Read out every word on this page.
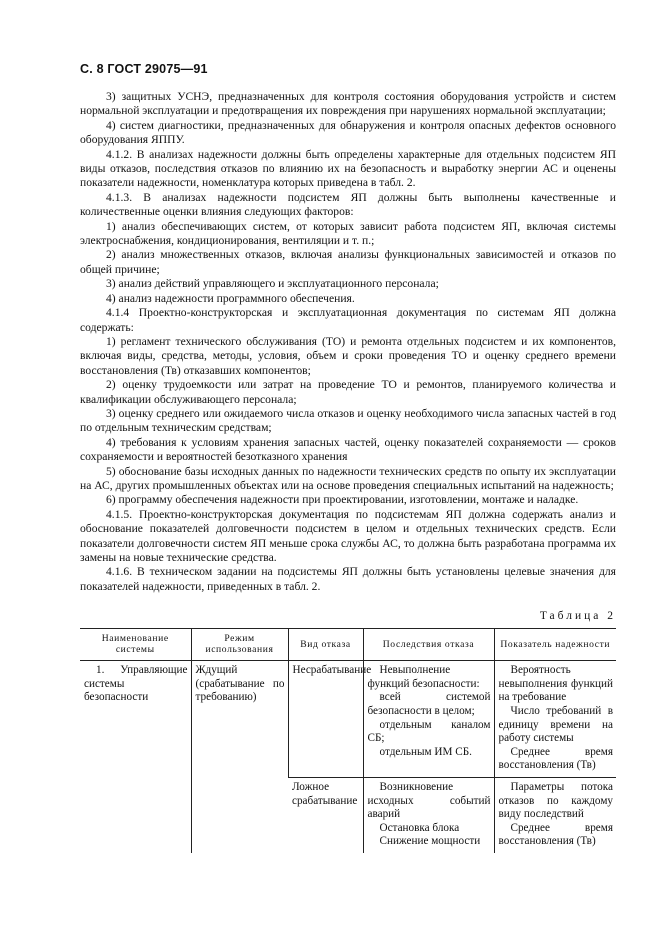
С. 8 ГОСТ 29075—91

3) защитных УСНЭ, предназначенных для контроля состояния оборудования устройств и систем нормальной эксплуатации и предотвращения их повреждения при нарушениях нормальной эксплуатации;

4) систем диагностики, предназначенных для обнаружения и контроля опасных дефектов основного оборудования ЯППУ.

4.1.2. В анализах надежности должны быть определены характерные для отдельных подсистем ЯП виды отказов, последствия отказов по влиянию их на безопасность и выработку энергии АС и оценены показатели надежности, номенклатура которых приведена в табл. 2.

4.1.3. В анализах надежности подсистем ЯП должны быть выполнены качественные и количественные оценки влияния следующих факторов:

1) анализ обеспечивающих систем, от которых зависит работа подсистем ЯП, включая системы электроснабжения, кондиционирования, вентиляции и т. п.;

2) анализ множественных отказов, включая анализы функциональных зависимостей и отказов по общей причине;

3) анализ действий управляющего и эксплуатационного персонала;

4) анализ надежности программного обеспечения.

4.1.4 Проектно-конструкторская и эксплуатационная документация по системам ЯП должна содержать:

1) регламент технического обслуживания (ТО) и ремонта отдельных подсистем и их компонентов, включая виды, средства, методы, условия, объем и сроки проведения ТО и оценку среднего времени восстановления (Тв) отказавших компонентов;

2) оценку трудоемкости или затрат на проведение ТО и ремонтов, планируемого количества и квалификации обслуживающего персонала;

3) оценку среднего или ожидаемого числа отказов и оценку необходимого числа запасных частей в год по отдельным техническим средствам;

4) требования к условиям хранения запасных частей, оценку показателей сохраняемости — сроков сохраняемости и вероятностей безотказного хранения

5) обоснование базы исходных данных по надежности технических средств по опыту их эксплуатации на АС, других промышленных объектах или на основе проведения специальных испытаний на надежность;

6) программу обеспечения надежности при проектировании, изготовлении, монтаже и наладке.

4.1.5. Проектно-конструкторская документация по подсистемам ЯП должна содержать анализ и обоснование показателей долговечности подсистем в целом и отдельных технических средств. Если показатели долговечности систем ЯП меньше срока службы АС, то должна быть разработана программа их замены на новые технические средства.

4.1.6. В техническом задании на подсистемы ЯП должны быть установлены целевые значения для показателей надежности, приведенных в табл. 2.

Таблица 2
Наименование системы	Режим использования	Вид отказа	Последствия отказа	Показатель надежности

1. Управляющие системы безопасности	Ждущий (срабатывание по требованию)	Несрабатывание	Невыполнение функций безопасности:
всей системой безопасности в целом;
отдельным каналом СБ;
отдельным ИМ СБ.	Вероятность невыполнения функций на требование
Число требований в единицу времени на работу системы
Среднее время восстановления (Тв)

		Ложное срабатывание	Возникновение исходных событий аварий
Остановка блока
Снижение мощности	Параметры потока отказов по каждому виду последствий
Среднее время восстановления (Тв)
